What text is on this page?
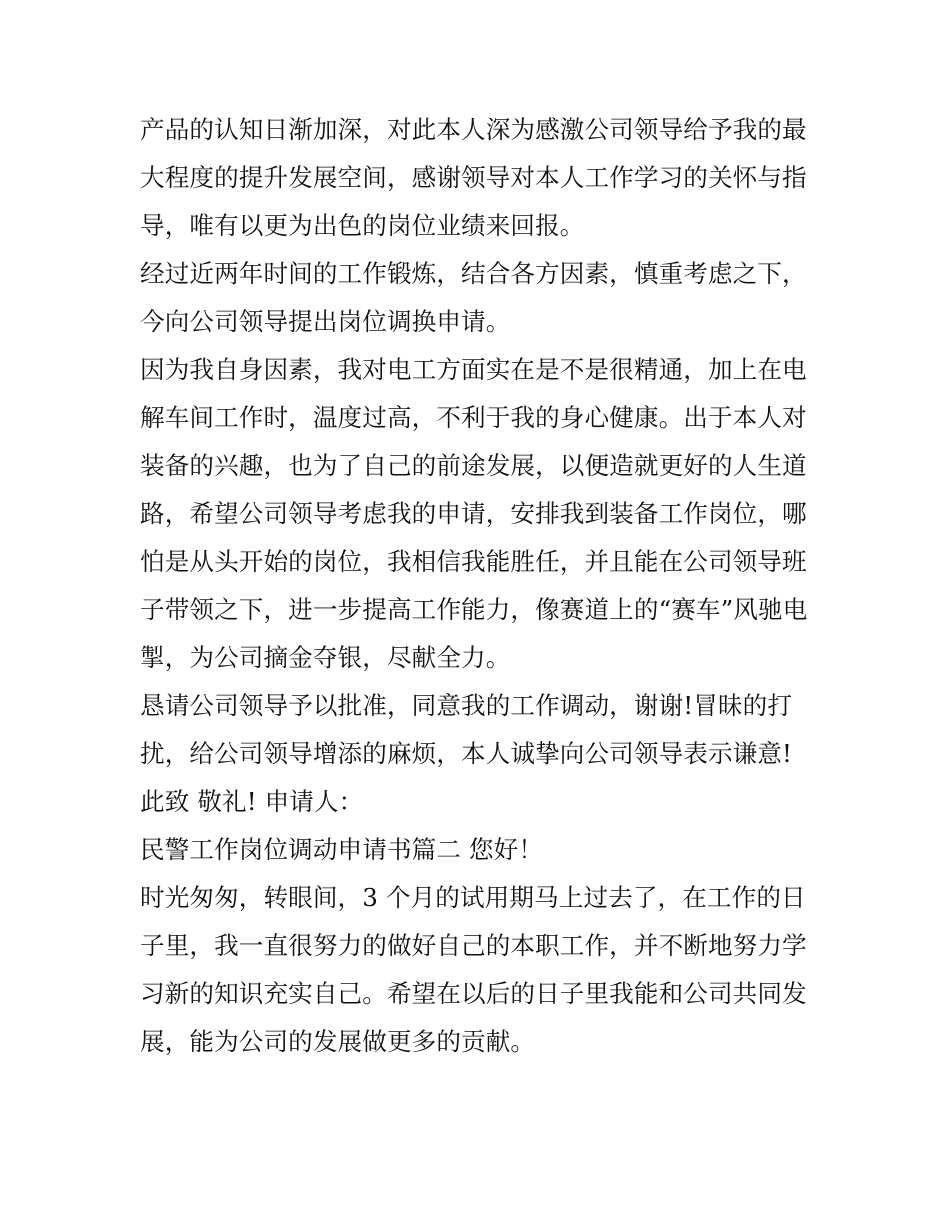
产品的认知日渐加深，对此本人深为感激公司领导给予我的最
大程度的提升发展空间，感谢领导对本人工作学习的关怀与指
导，唯有以更为出色的岗位业绩来回报。
经过近两年时间的工作锻炼，结合各方因素，慎重考虑之下，
今向公司领导提出岗位调换申请。
因为我自身因素，我对电工方面实在是不是很精通，加上在电
解车间工作时，温度过高，不利于我的身心健康。出于本人对
装备的兴趣，也为了自己的前途发展，以便造就更好的人生道
路，希望公司领导考虑我的申请，安排我到装备工作岗位，哪
怕是从头开始的岗位，我相信我能胜任，并且能在公司领导班
子带领之下，进一步提高工作能力，像赛道上的“赛车”风驰电
掣，为公司摘金夺银，尽献全力。
恳请公司领导予以批准，同意我的工作调动，谢谢!冒昧的打
扰，给公司领导增添的麻烦，本人诚挚向公司领导表示谦意!
此致 敬礼! 申请人：
民警工作岗位调动申请书篇二 您好！
时光匆匆，转眼间，3 个月的试用期马上过去了，在工作的日
子里，我一直很努力的做好自己的本职工作，并不断地努力学
习新的知识充实自己。希望在以后的日子里我能和公司共同发
展，能为公司的发展做更多的贡献。
